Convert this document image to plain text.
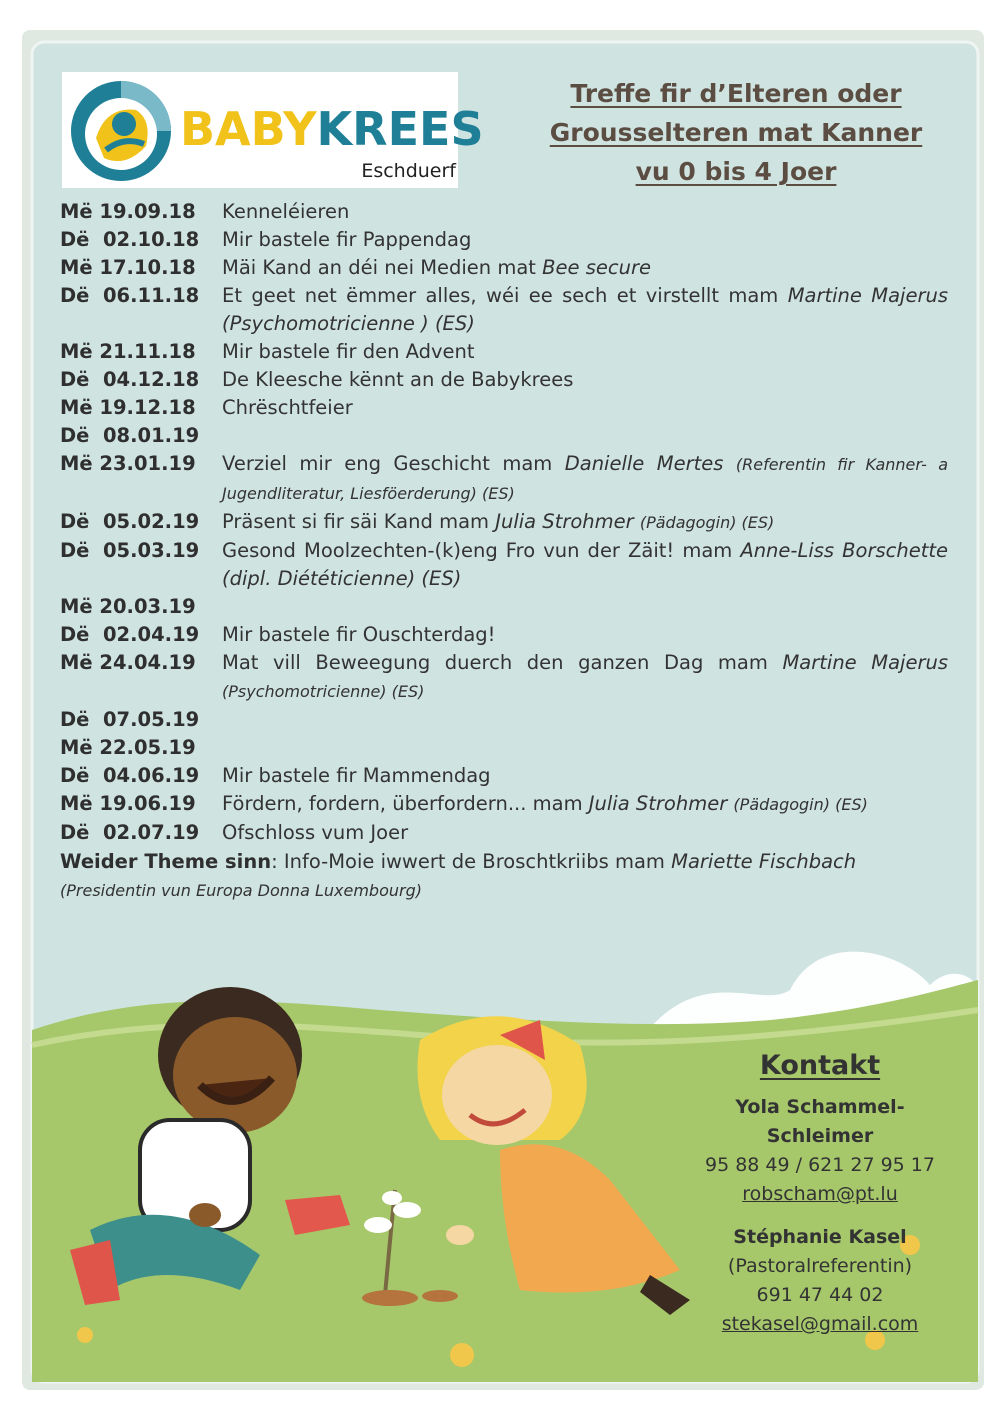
BABYKREES
Eschduerf
Treffe fir d’Elteren oder
Grousselteren mat Kanner
vu 0 bis 4 Joer
Më 19.09.18	Kenneléieren
Dë  02.10.18	Mir bastele fir Pappendag
Më 17.10.18	Mäi Kand an déi nei Medien mat Bee secure
Dë  06.11.18	Et geet net ëmmer alles, wéi ee sech et virstellt mam Martine Majerus (Psychomotricienne ) (ES)
Më 21.11.18	Mir bastele fir den Advent
Dë  04.12.18	De Kleesche kënnt an de Babykrees
Më 19.12.18	Chrëschtfeier
Dë  08.01.19
Më 23.01.19	Verziel mir eng Geschicht mam Danielle Mertes (Referentin fir Kanner- a Jugendliteratur, Liesföerderung) (ES)
Dë  05.02.19	Präsent si fir säi Kand mam Julia Strohmer (Pädagogin) (ES)
Dë  05.03.19	Gesond Moolzechten-(k)eng Fro vun der Zäit! mam Anne-Liss Borschette (dipl. Diététicienne) (ES)
Më 20.03.19
Dë  02.04.19	Mir bastele fir Ouschterdag!
Më 24.04.19	Mat vill Beweegung duerch den ganzen Dag mam Martine Majerus (Psychomotricienne) (ES)
Dë  07.05.19
Më 22.05.19
Dë  04.06.19	Mir bastele fir Mammendag
Më 19.06.19	Fördern, fordern, überfordern... mam Julia Strohmer (Pädagogin) (ES)
Dë  02.07.19	Ofschloss vum Joer
Weider Theme sinn: Info-Moie iwwert de Broschtkriibs mam Mariette Fischbach (Presidentin vun Europa Donna Luxembourg)
Kontakt
Yola Schammel-Schleimer
95 88 49 / 621 27 95 17
robscham@pt.lu
Stéphanie Kasel
(Pastoralreferentin)
691 47 44 02
stekasel@gmail.com
